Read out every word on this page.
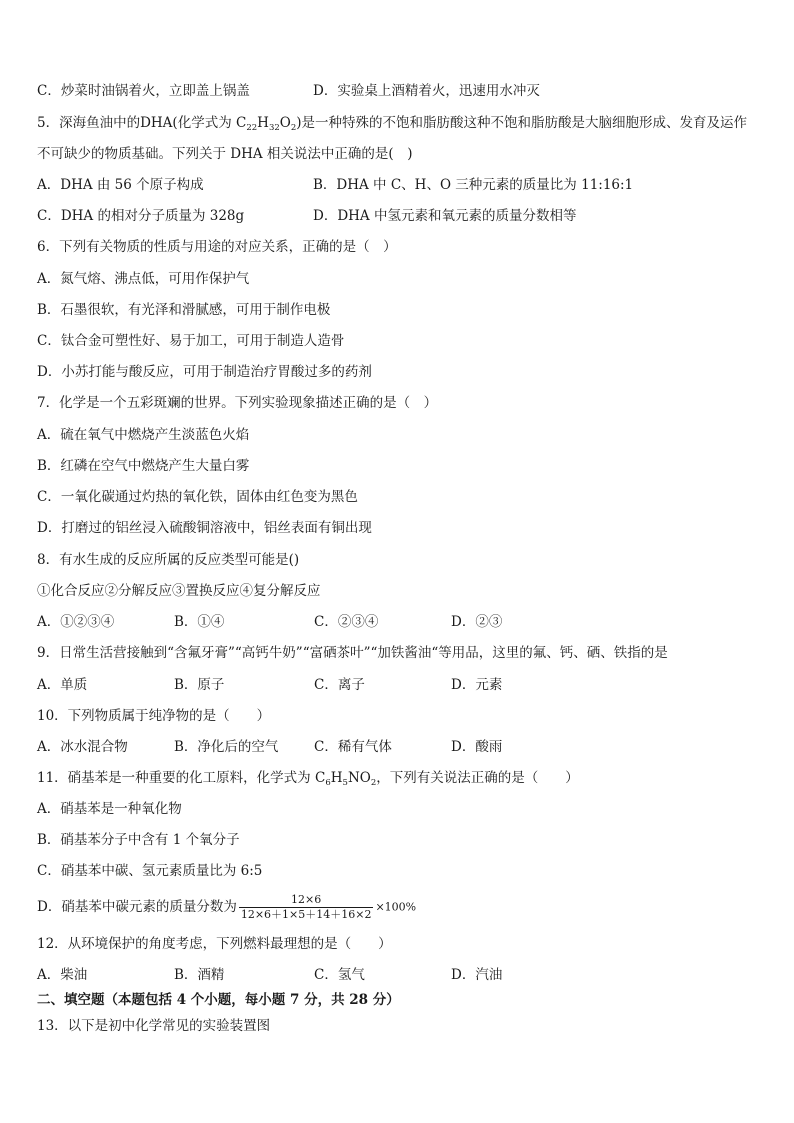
C．炒菜时油锅着火，立即盖上锅盖	D．实验桌上酒精着火，迅速用水冲灭
5．深海鱼油中的DHA(化学式为 $C_{22}H_{32}O_2$)是一种特殊的不饱和脂肪酸这种不饱和脂肪酸是大脑细胞形成、发育及运作
不可缺少的物质基础。下列关于 DHA 相关说法中正确的是(　)
A．DHA 由 56 个原子构成	B．DHA 中 C、H、O 三种元素的质量比为 11:16:1
C．DHA 的相对分子质量为 328g	D．DHA 中氢元素和氧元素的质量分数相等
6．下列有关物质的性质与用途的对应关系，正确的是（　）
A．氮气熔、沸点低，可用作保护气
B．石墨很软，有光泽和滑腻感，可用于制作电极
C．钛合金可塑性好、易于加工，可用于制造人造骨
D．小苏打能与酸反应，可用于制造治疗胃酸过多的药剂
7．化学是一个五彩斑斓的世界。下列实验现象描述正确的是（　）
A．硫在氧气中燃烧产生淡蓝色火焰
B．红磷在空气中燃烧产生大量白雾
C．一氧化碳通过灼热的氧化铁，固体由红色变为黑色
D．打磨过的铝丝浸入硫酸铜溶液中，铝丝表面有铜出现
8．有水生成的反应所属的反应类型可能是()
①化合反应②分解反应③置换反应④复分解反应
A．①②③④	B．①④	C．②③④	D．②③
9．日常生活营接触到“含氟牙膏”“高钙牛奶”“富硒茶叶”“加铁酱油“等用品，这里的氟、钙、硒、铁指的是
A．单质	B．原子	C．离子	D．元素
10．下列物质属于纯净物的是（　　）
A．冰水混合物	B．净化后的空气	C．稀有气体	D．酸雨
11．硝基苯是一种重要的化工原料，化学式为 $C_6H_5NO_2$，下列有关说法正确的是（　　）
A．硝基苯是一种氧化物
B．硝基苯分子中含有 1 个氧分子
C．硝基苯中碳、氢元素质量比为 6:5
D．硝基苯中碳元素的质量分数为 $\frac{12\times 6}{12\times 6+1\times 5+14+16\times 2} \times 100\%$
12．从环境保护的角度考虑，下列燃料最理想的是（　　）
A．柴油	B．酒精	C．氢气	D．汽油
二、填空题（本题包括 4 个小题，每小题 7 分，共 28 分）
13．以下是初中化学常见的实验装置图
